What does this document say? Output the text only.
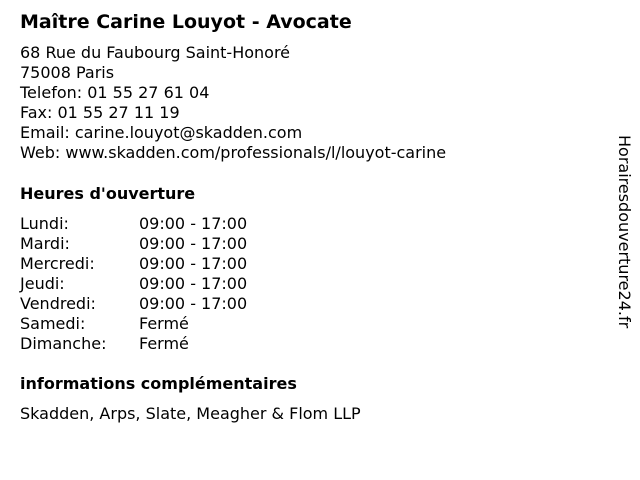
Maître Carine Louyot - Avocate
68 Rue du Faubourg Saint-Honoré
75008 Paris
Telefon: 01 55 27 61 04
Fax: 01 55 27 11 19
Email: carine.louyot@skadden.com
Web: www.skadden.com/professionals/l/louyot-carine
Heures d'ouverture
Lundi:	09:00 - 17:00
Mardi:	09:00 - 17:00
Mercredi:	09:00 - 17:00
Jeudi:	09:00 - 17:00
Vendredi:	09:00 - 17:00
Samedi:	Fermé
Dimanche: Fermé
informations complémentaires
Skadden, Arps, Slate, Meagher & Flom LLP
Horairesdouverture24.fr
